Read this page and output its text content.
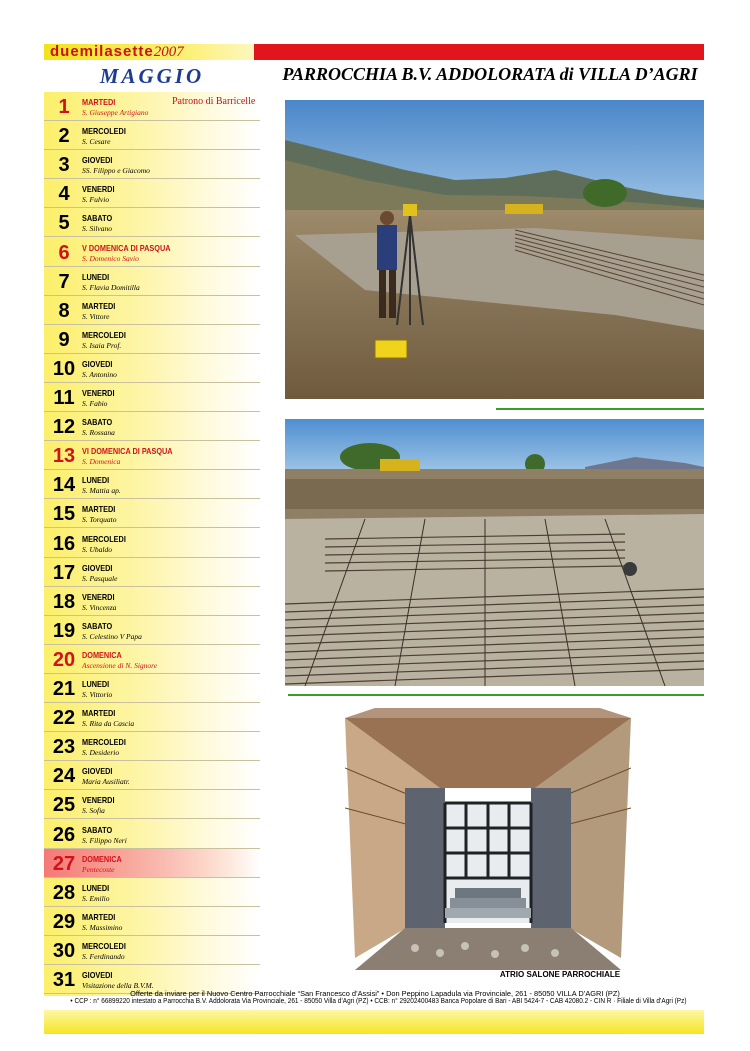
duemilasette2007
MAGGIO	PARROCCHIA B.V. ADDOLORATA di VILLA D’AGRI
1	MARTEDI
S. Giuseppe Artigiano
Patrono di Barricelle
2	MERCOLEDI
S. Cesare
3	GIOVEDI
SS. Filippo e Giacomo
4	VENERDI
S. Fulvio
5	SABATO
S. Silvano
6	V DOMENICA DI PASQUA
S. Domenico Savio
7	LUNEDI
S. Flavia Domitilla
8	MARTEDI
S. Vittore
9	MERCOLEDI
S. Isaia Prof.
10 GIOVEDI
S. Antonino
11 VENERDI
S. Fabio
12 SABATO
S. Rossana
13 VI DOMENICA DI PASQUA
S. Domenica
14 LUNEDI
S. Mattia ap.
15 MARTEDI
S. Torquato
16 MERCOLEDI
S. Ubaldo
17 GIOVEDI
S. Pasquale
18 VENERDI
S. Vincenza
19 SABATO
S. Celestino V Papa
20 DOMENICA
Ascensione di N. Signore
21 LUNEDI
S. Vittorio
22 MARTEDI
S. Rita da Cascia
23 MERCOLEDI
S. Desiderio
24 GIOVEDI
Maria Ausiliatr.
25 VENERDI
S. Sofia
26 SABATO
S. Filippo Neri
27 DOMENICA
Pentecoste
28 LUNEDI
S. Emilio
29 MARTEDI
S. Massimino
30 MERCOLEDI
S. Ferdinando
31 GIOVEDI
Visitazione della B.V.M.
ATRIO SALONE PARROCHIALE
Offerte da inviare per il Nuovo Centro Parrocchiale “San Francesco d’Assisi” • Don Peppino Lapadula via Provinciale, 261 - 85050 VILLA D’AGRI (PZ)
• CCP : n° 66899220 intestato a Parrocchia B.V. Addolorata Via Provinciale, 261 - 85050 Villa d’Agri (PZ) • CCB: n° 29202400483 Banca Popolare di Bari - ABI 5424-7 - CAB 42080.2 - CIN R · Filiale di Villa d’Agri (Pz)
